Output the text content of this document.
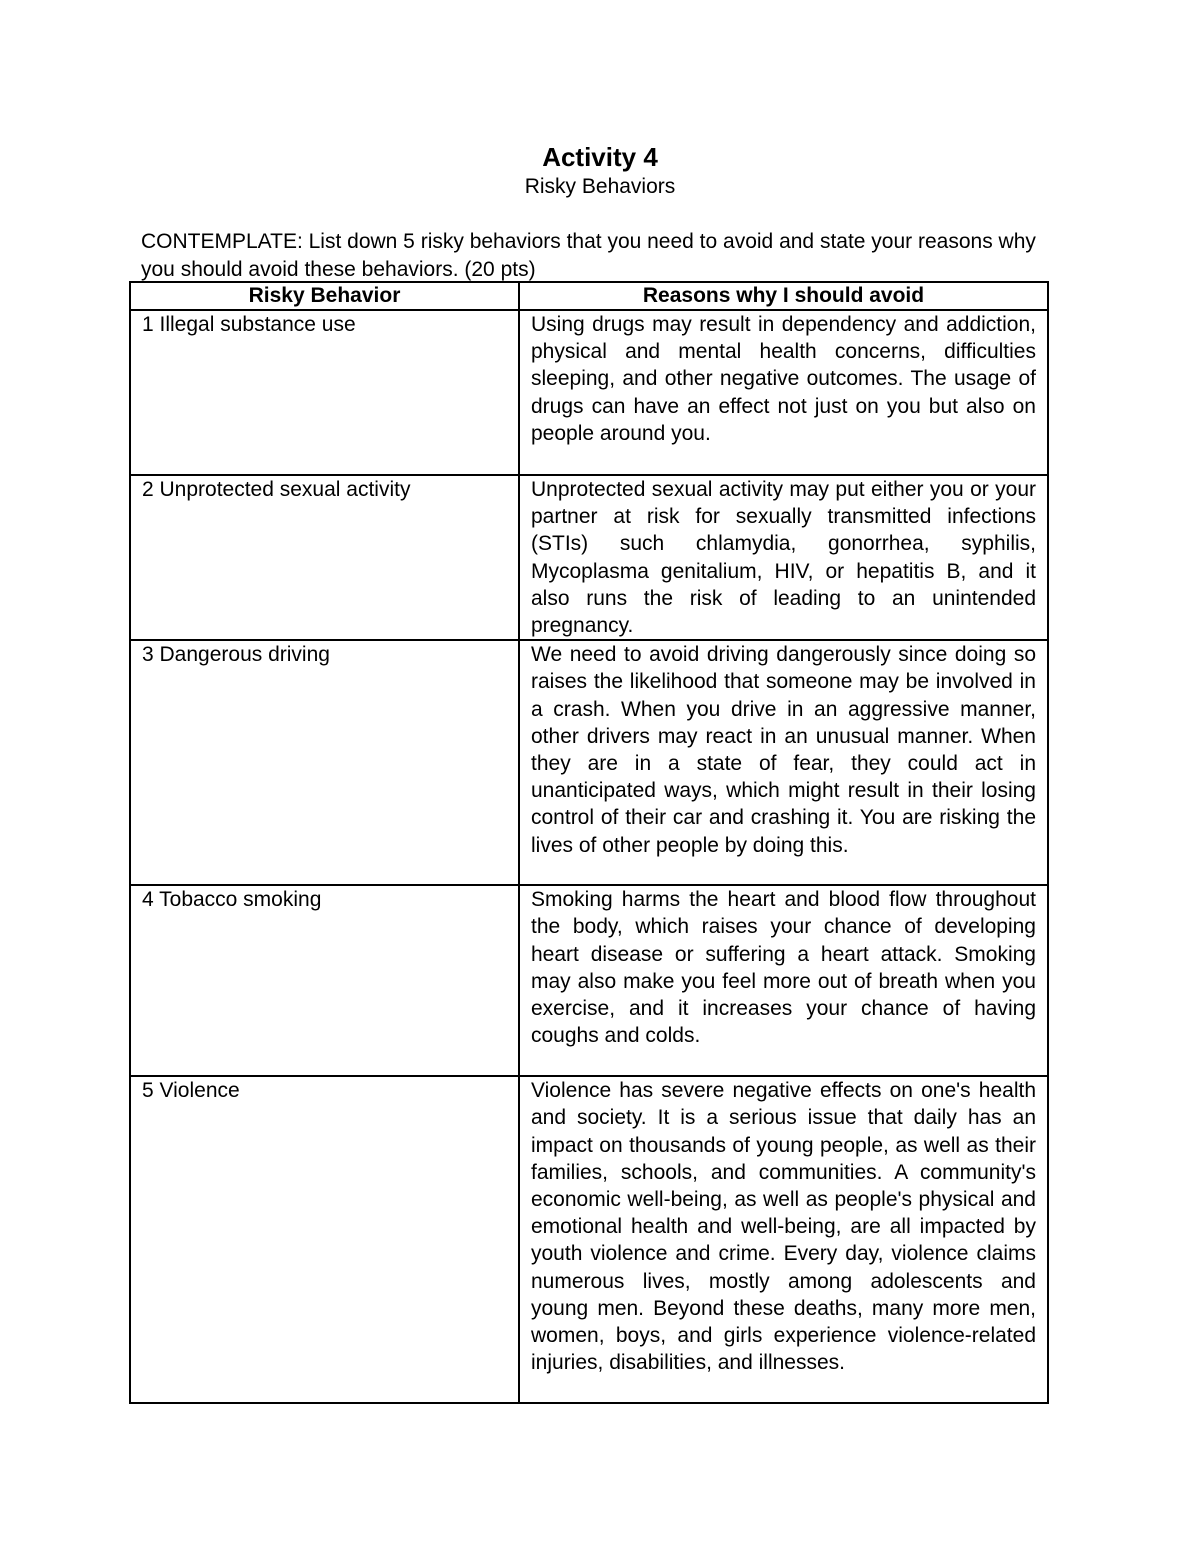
Activity 4
Risky Behaviors

CONTEMPLATE: List down 5 risky behaviors that you need to avoid and state your reasons why you should avoid these behaviors. (20 pts)

Risky Behavior	Reasons why I should avoid
1 Illegal substance use	Using drugs may result in dependency and addiction, physical and mental health concerns, difficulties sleeping, and other negative outcomes. The usage of drugs can have an effect not just on you but also on people around you.
2 Unprotected sexual activity	Unprotected sexual activity may put either you or your partner at risk for sexually transmitted infections (STIs) such chlamydia, gonorrhea, syphilis, Mycoplasma genitalium, HIV, or hepatitis B, and it also runs the risk of leading to an unintended pregnancy.
3 Dangerous driving	We need to avoid driving dangerously since doing so raises the likelihood that someone may be involved in a crash. When you drive in an aggressive manner, other drivers may react in an unusual manner. When they are in a state of fear, they could act in unanticipated ways, which might result in their losing control of their car and crashing it. You are risking the lives of other people by doing this.
4 Tobacco smoking	Smoking harms the heart and blood flow throughout the body, which raises your chance of developing heart disease or suffering a heart attack. Smoking may also make you feel more out of breath when you exercise, and it increases your chance of having coughs and colds.
5 Violence	Violence has severe negative effects on one's health and society. It is a serious issue that daily has an impact on thousands of young people, as well as their families, schools, and communities. A community's economic well-being, as well as people's physical and emotional health and well-being, are all impacted by youth violence and crime. Every day, violence claims numerous lives, mostly among adolescents and young men. Beyond these deaths, many more men, women, boys, and girls experience violence-related injuries, disabilities, and illnesses.
